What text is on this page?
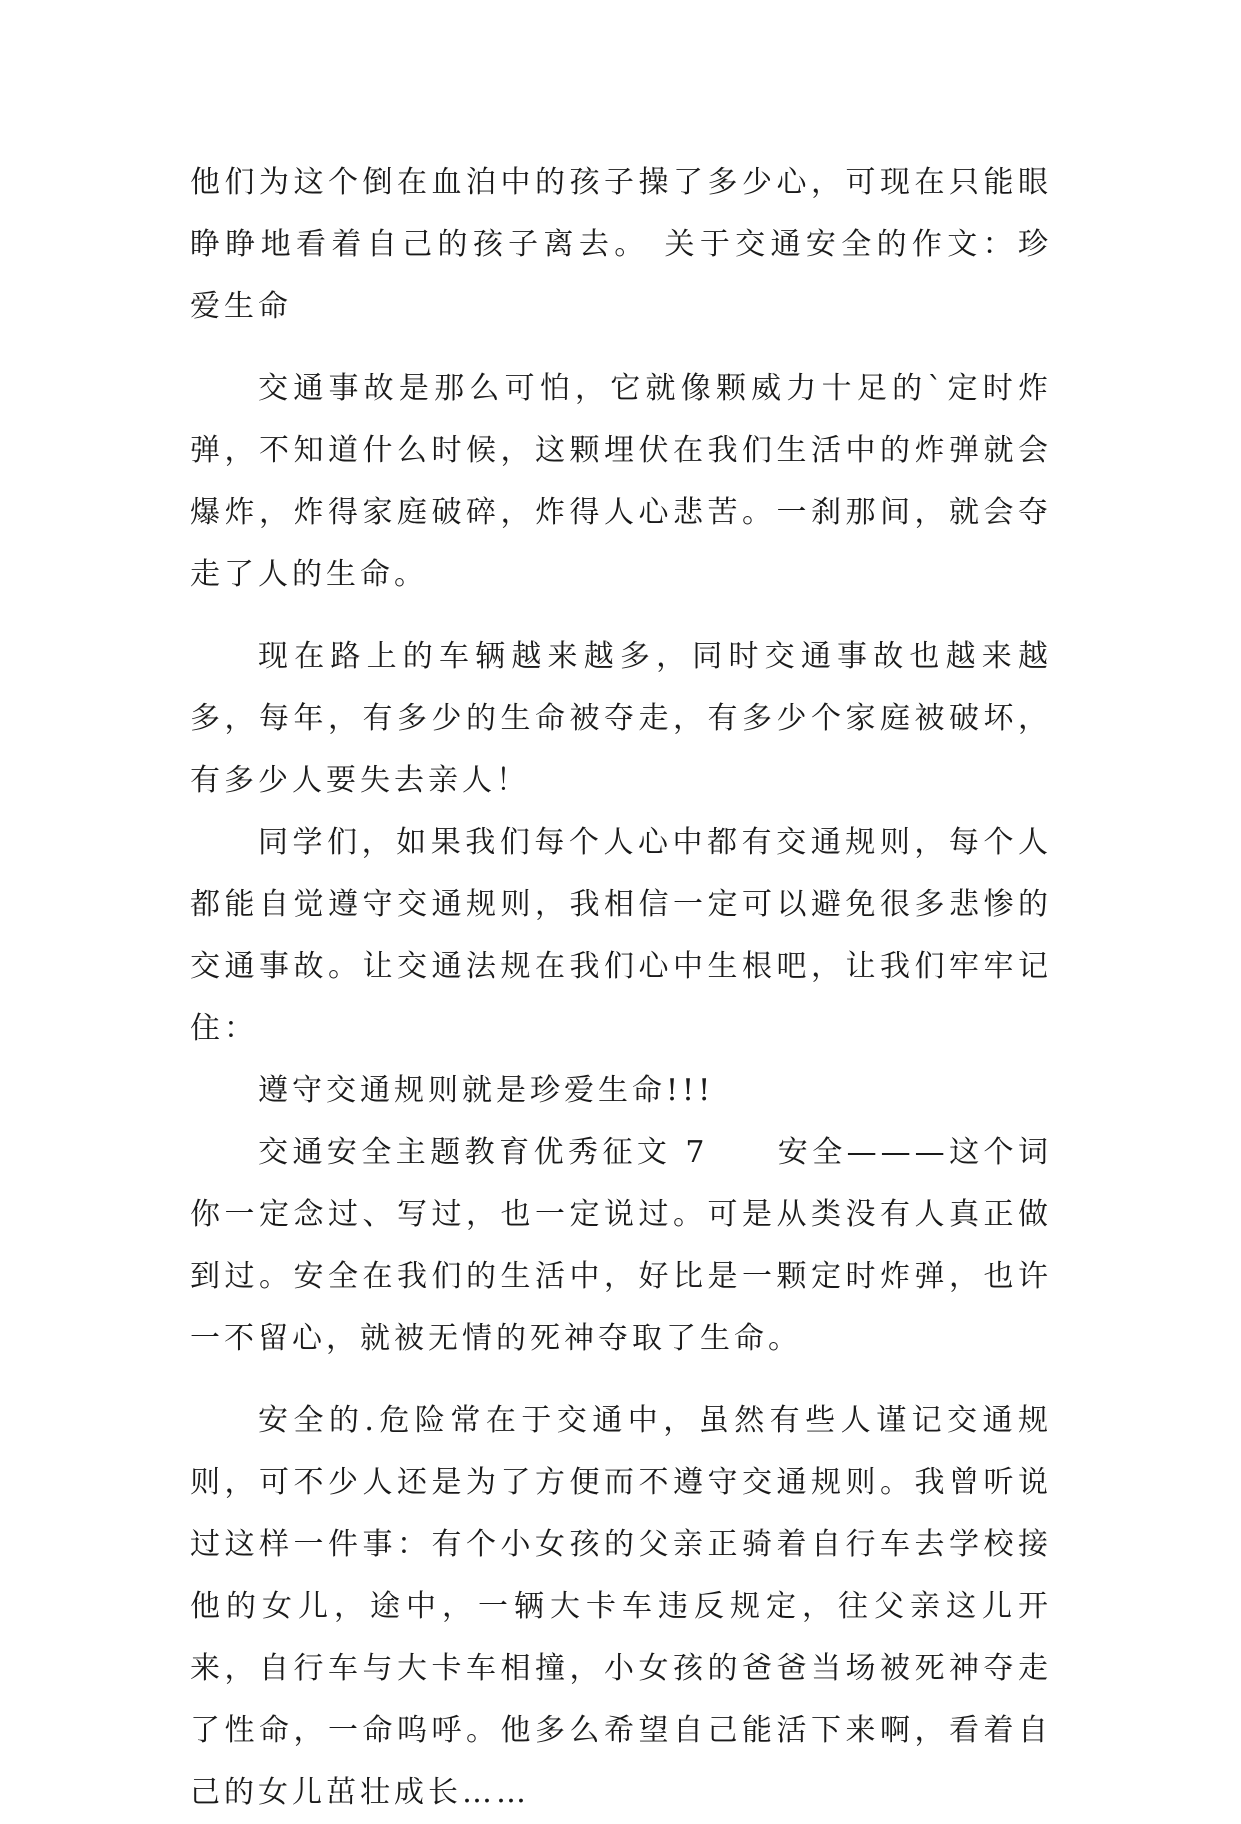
他们为这个倒在血泊中的孩子操了多少心，可现在只能眼睁睁地看着自己的孩子离去。 关于交通安全的作文：珍爱生命

交通事故是那么可怕，它就像颗威力十足的`定时炸弹，不知道什么时候，这颗埋伏在我们生活中的炸弹就会爆炸，炸得家庭破碎，炸得人心悲苦。一刹那间，就会夺走了人的生命。

现在路上的车辆越来越多，同时交通事故也越来越多，每年，有多少的生命被夺走，有多少个家庭被破坏，有多少人要失去亲人！

同学们，如果我们每个人心中都有交通规则，每个人都能自觉遵守交通规则，我相信一定可以避免很多悲惨的交通事故。让交通法规在我们心中生根吧，让我们牢牢记住：

遵守交通规则就是珍爱生命!!!

交通安全主题教育优秀征文 7　　安全———这个词你一定念过、写过，也一定说过。可是从类没有人真正做到过。安全在我们的生活中，好比是一颗定时炸弹，也许一不留心，就被无情的死神夺取了生命。

安全的.危险常在于交通中，虽然有些人谨记交通规则，可不少人还是为了方便而不遵守交通规则。我曾听说过这样一件事：有个小女孩的父亲正骑着自行车去学校接他的女儿，途中，一辆大卡车违反规定，往父亲这儿开来，自行车与大卡车相撞，小女孩的爸爸当场被死神夺走了性命，一命呜呼。他多么希望自己能活下来啊，看着自己的女儿茁壮成长……
